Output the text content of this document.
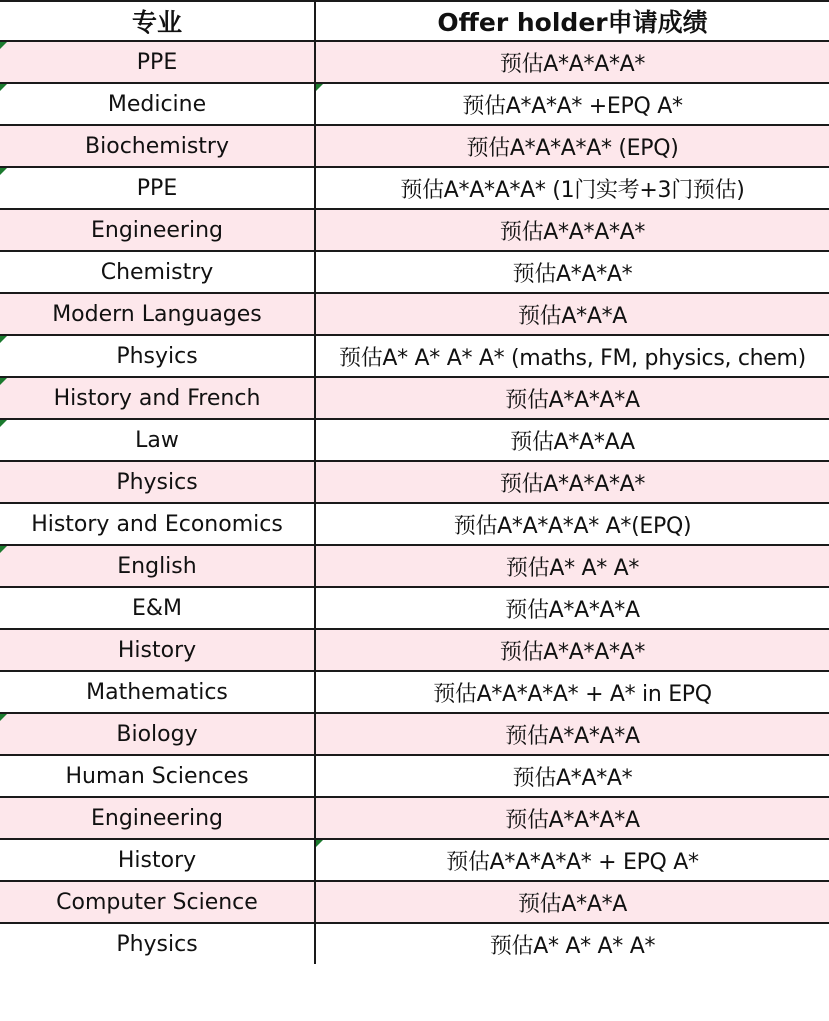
专业	Offer holder申请成绩
PPE	预估A*A*A*A*
Medicine	预估A*A*A* +EPQ A*
Biochemistry	预估A*A*A*A* (EPQ)
PPE	预估A*A*A*A* (1门实考+3门预估)
Engineering	预估A*A*A*A*
Chemistry	预估A*A*A*
Modern Languages	预估A*A*A
Phsyics	预估A* A* A* A* (maths, FM, physics, chem)
History and French	预估A*A*A*A
Law	预估A*A*AA
Physics	预估A*A*A*A*
History and Economics	预估A*A*A*A* A*(EPQ)
English	预估A* A* A*
E&M	预估A*A*A*A
History	预估A*A*A*A*
Mathematics	预估A*A*A*A* + A* in EPQ
Biology	预估A*A*A*A
Human Sciences	预估A*A*A*
Engineering	预估A*A*A*A
History	预估A*A*A*A* + EPQ A*
Computer Science	预估A*A*A
Physics	预估A* A* A* A*
